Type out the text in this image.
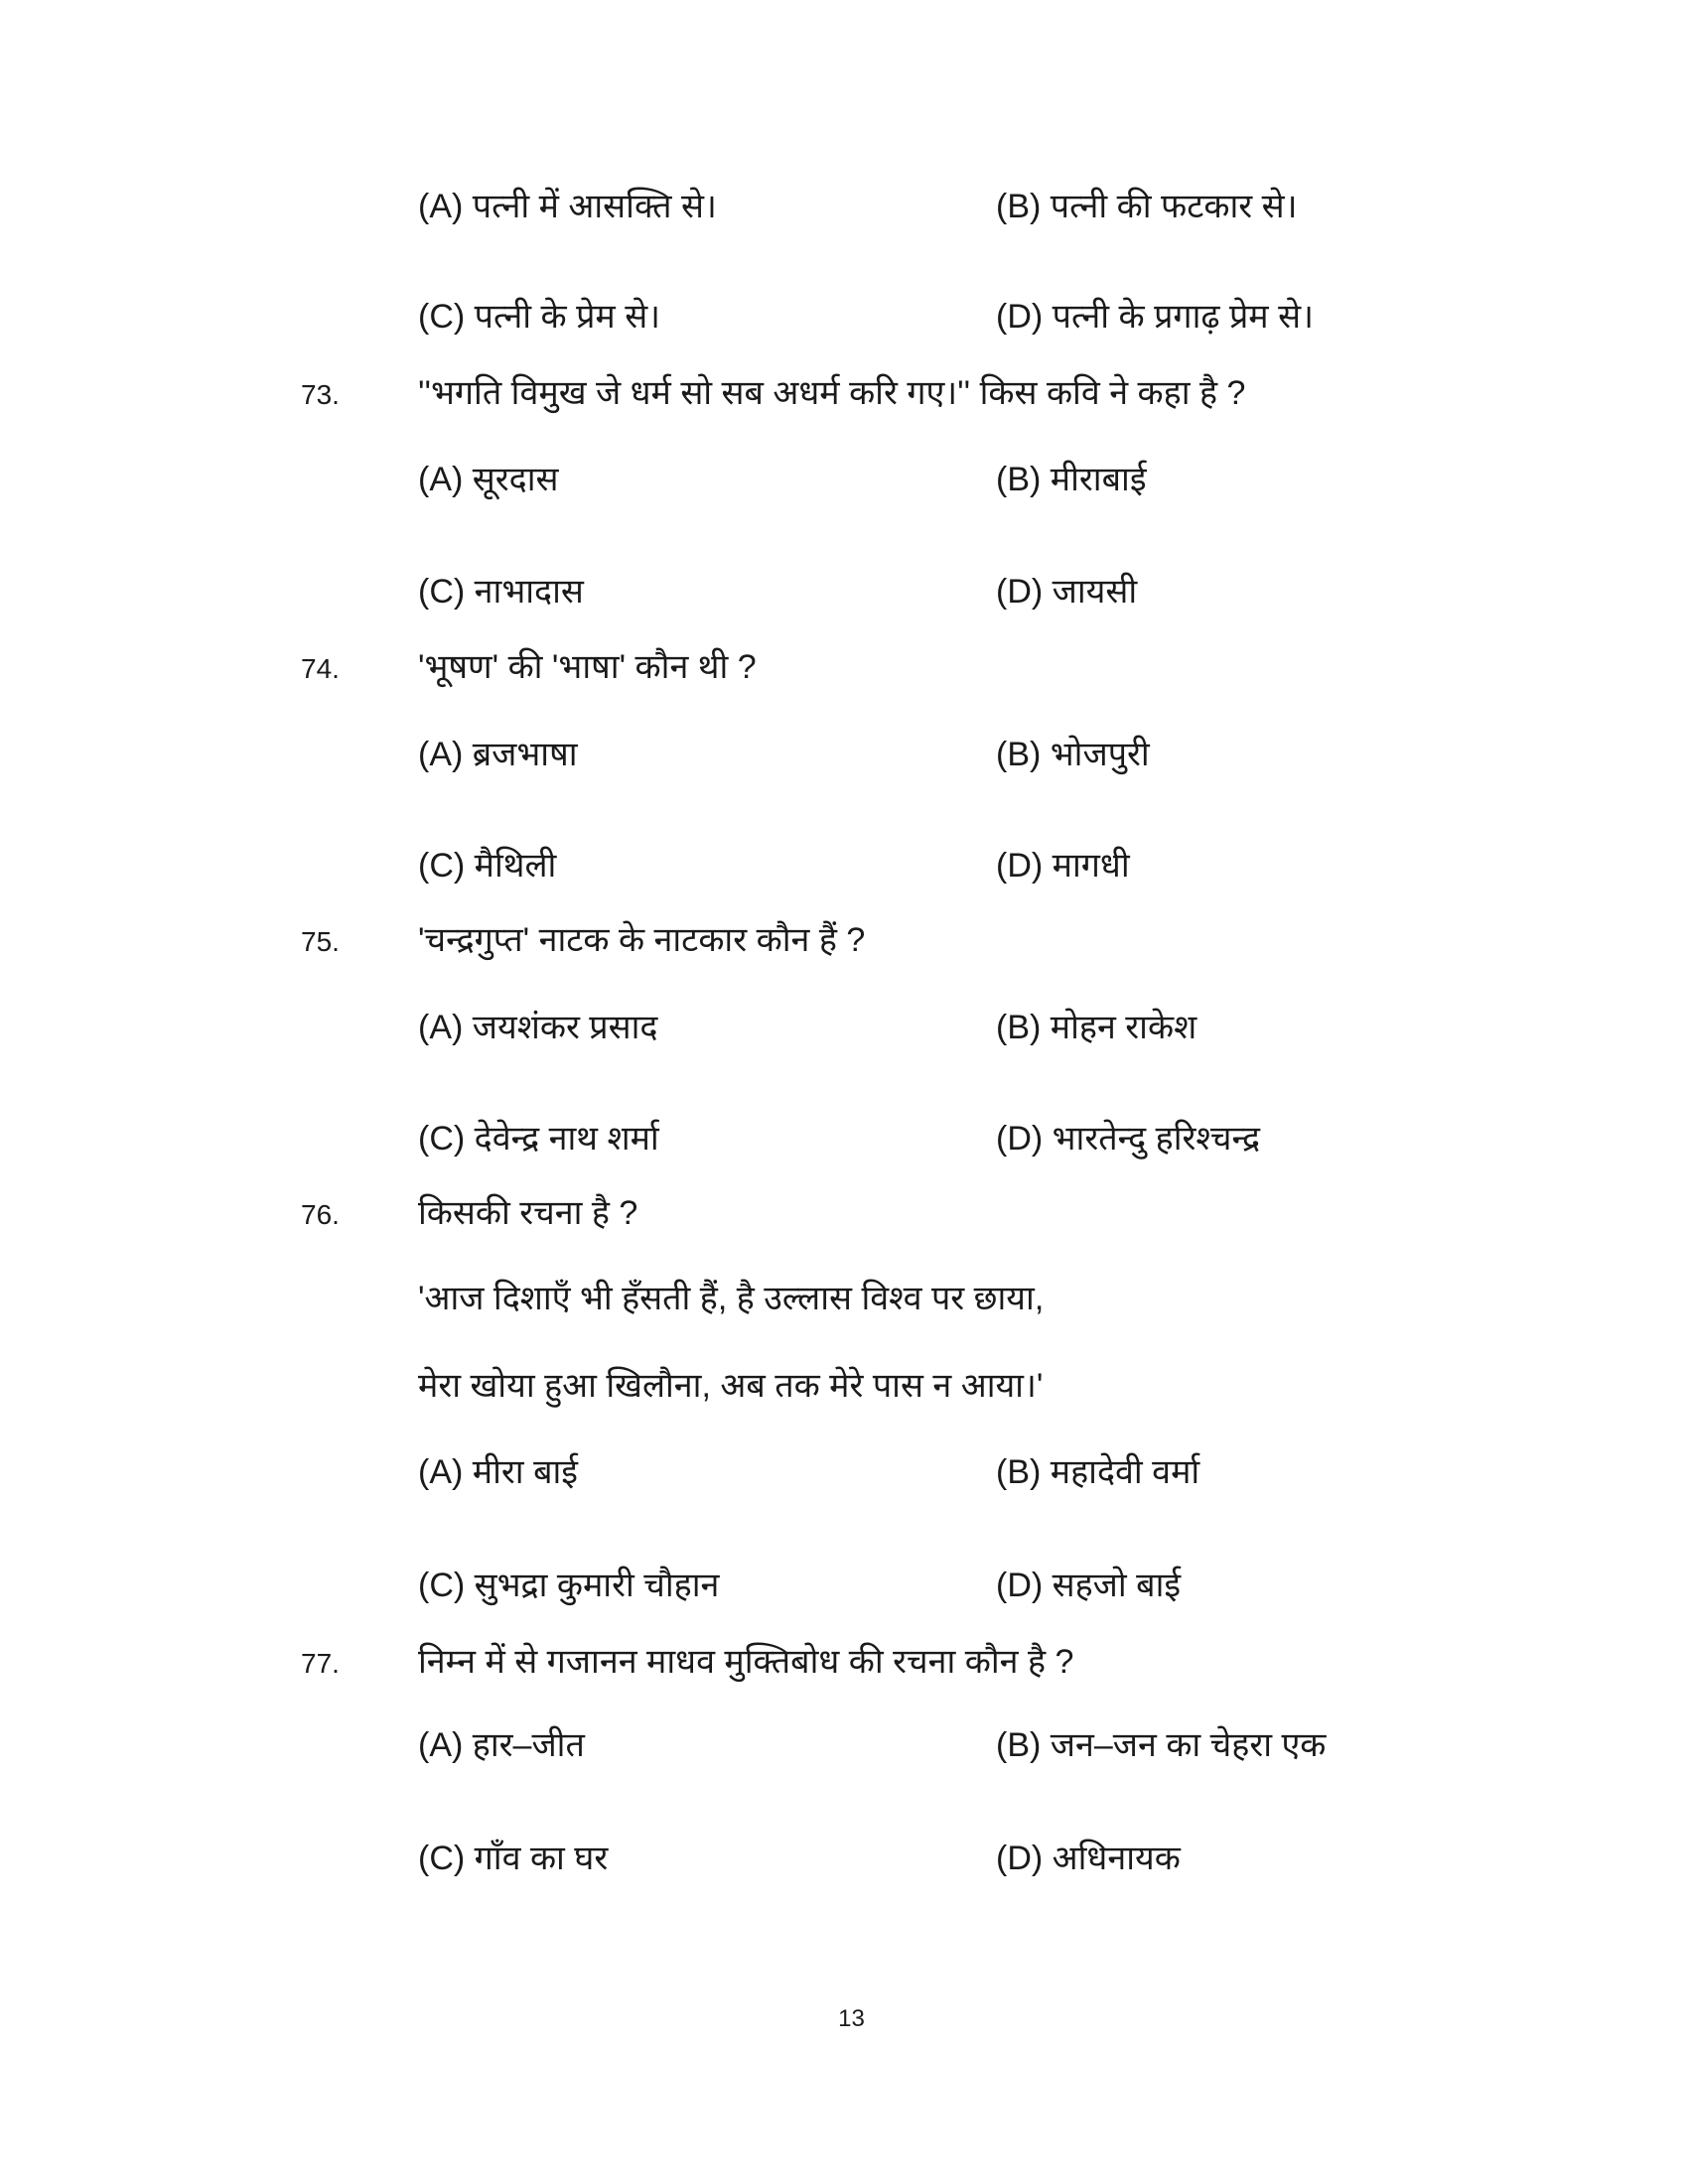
(A) पत्नी में आसक्ति से।	(B) पत्नी की फटकार से।
(C) पत्नी के प्रेम से।	(D) पत्नी के प्रगाढ़ प्रेम से।
73. ''भगति विमुख जे धर्म सो सब अधर्म करि गए।'' किस कवि ने कहा है ?
(A) सूरदास	(B) मीराबाई
(C) नाभादास	(D) जायसी
74. 'भूषण' की 'भाषा' कौन थी ?
(A) ब्रजभाषा	(B) भोजपुरी
(C) मैथिली	(D) मागधी
75. 'चन्द्रगुप्त' नाटक के नाटकार कौन हैं ?
(A) जयशंकर प्रसाद	(B) मोहन राकेश
(C) देवेन्द्र नाथ शर्मा	(D) भारतेन्दु हरिश्चन्द्र
76. किसकी रचना है ?
'आज दिशाएँ भी हँसती हैं, है उल्लास विश्व पर छाया,
मेरा खोया हुआ खिलौना, अब तक मेरे पास न आया।'
(A) मीरा बाई	(B) महादेवी वर्मा
(C) सुभद्रा कुमारी चौहान	(D) सहजो बाई
77. निम्न में से गजानन माधव मुक्तिबोध की रचना कौन है ?
(A) हार–जीत	(B) जन–जन का चेहरा एक
(C) गाँव का घर	(D) अधिनायक
13
